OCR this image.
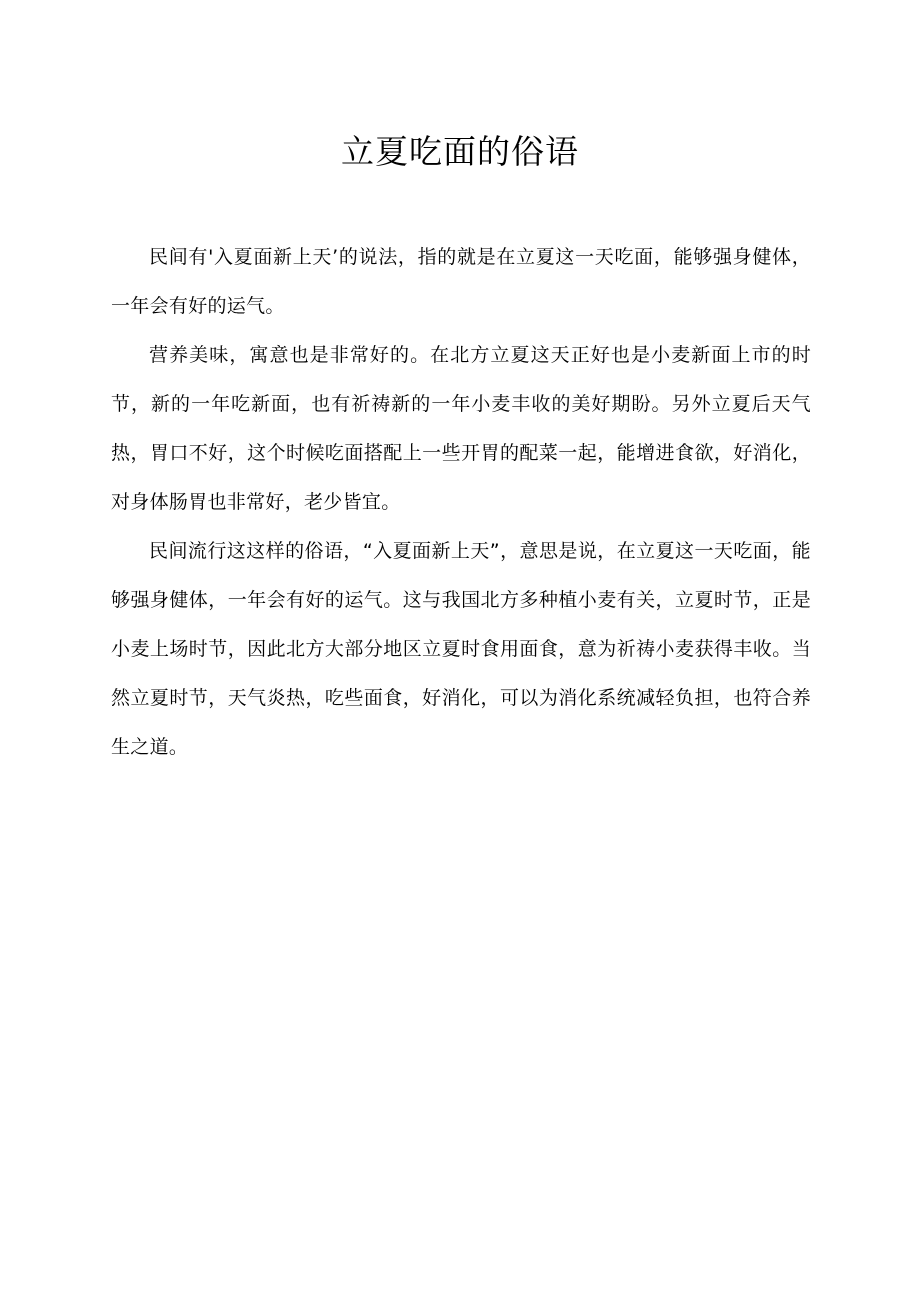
立夏吃面的俗语

民间有'入夏面新上天’的说法，指的就是在立夏这一天吃面，能够强身健体，一年会有好的运气。

营养美味，寓意也是非常好的。在北方立夏这天正好也是小麦新面上市的时节，新的一年吃新面，也有祈祷新的一年小麦丰收的美好期盼。另外立夏后天气热，胃口不好，这个时候吃面搭配上一些开胃的配菜一起，能增进食欲，好消化，对身体肠胃也非常好，老少皆宜。

民间流行这这样的俗语，“入夏面新上天”，意思是说，在立夏这一天吃面，能够强身健体，一年会有好的运气。这与我国北方多种植小麦有关，立夏时节，正是小麦上场时节，因此北方大部分地区立夏时食用面食，意为祈祷小麦获得丰收。当然立夏时节，天气炎热，吃些面食，好消化，可以为消化系统减轻负担，也符合养生之道。
